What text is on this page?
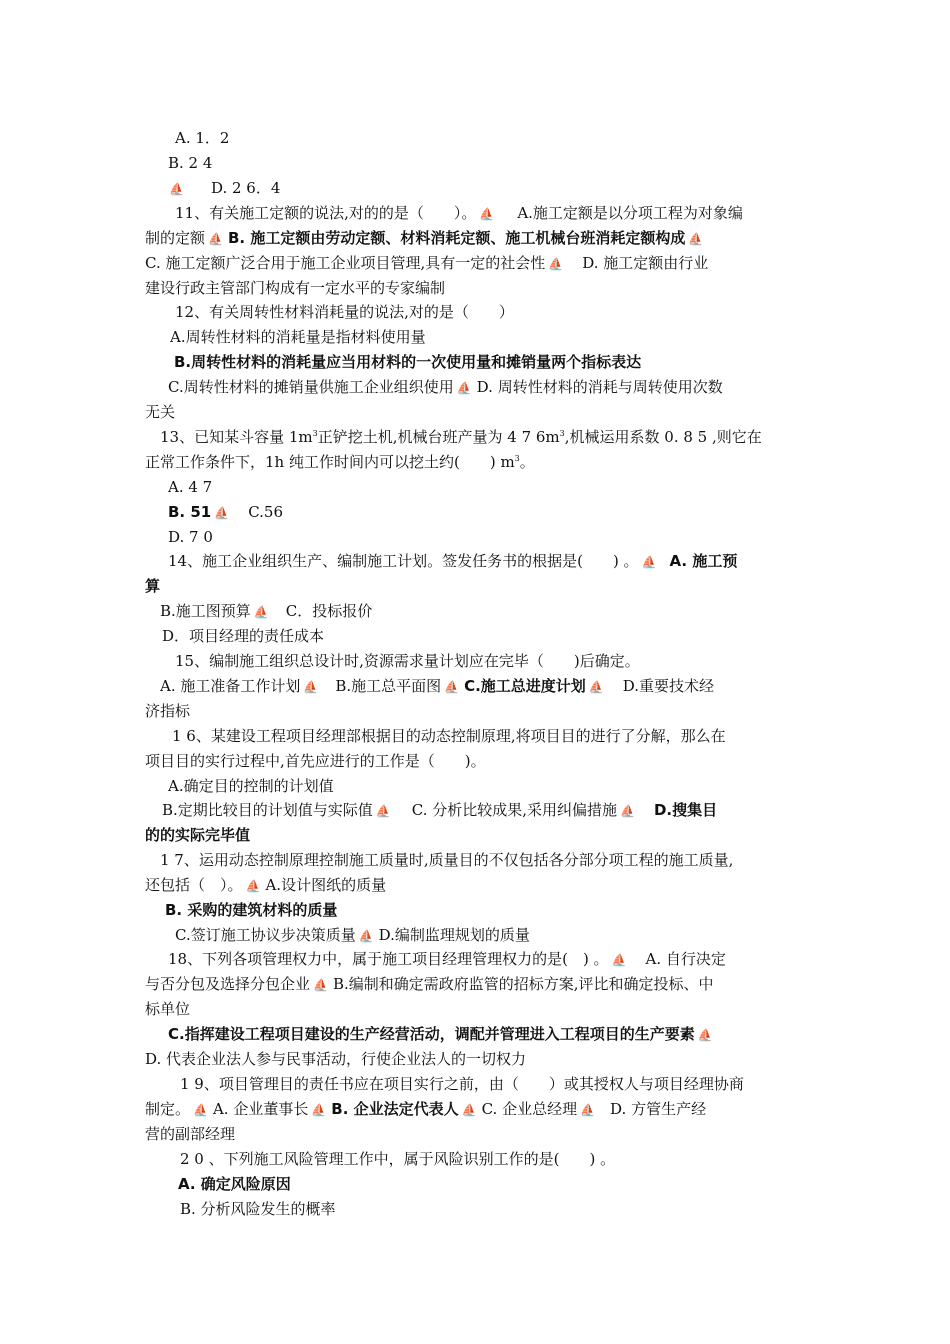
A. 1．2
B. 2 4
⛵ D. 2 6．4
11、有关施工定额的说法,对的的是（　　）。 ⛵ A.施工定额是以分项工程为对象编
制的定额 ⛵ B. 施工定额由劳动定额、材料消耗定额、施工机械台班消耗定额构成 ⛵
C. 施工定额广泛合用于施工企业项目管理,具有一定的社会性 ⛵ D. 施工定额由行业
建设行政主管部门构成有一定水平的专家编制
12、有关周转性材料消耗量的说法,对的是（　　）
A.周转性材料的消耗量是指材料使用量
B.周转性材料的消耗量应当用材料的一次使用量和摊销量两个指标表达
C.周转性材料的摊销量供施工企业组织使用 ⛵ D. 周转性材料的消耗与周转使用次数
无关
13、已知某斗容量 $1m^3$正铲挖土机,机械台班产量为 4 7 $6m^3$,机械运用系数 0. 8 5 ,则它在
正常工作条件下，1h 纯工作时间内可以挖土约(　　) $m^3$。
A. 4 7
B. 51 ⛵ C.56
D. 7 0
14、施工企业组织生产、编制施工计划。签发任务书的根据是(　　) 。 ⛵ A. 施工预
算
B.施工图预算 ⛵ C．投标报价
D．项目经理的责任成本
15、编制施工组织总设计时,资源需求量计划应在完毕（　　)后确定。
A. 施工准备工作计划 ⛵ B.施工总平面图 ⛵ C.施工总进度计划 ⛵ D.重要技术经
济指标
1 6、某建设工程项目经理部根据目的动态控制原理,将项目目的进行了分解，那么在
项目目的实行过程中,首先应进行的工作是（　　)。
A.确定目的控制的计划值
B.定期比较目的计划值与实际值 ⛵ C. 分析比较成果,采用纠偏措施 ⛵ D.搜集目
的的实际完毕值
1 7、运用动态控制原理控制施工质量时,质量目的不仅包括各分部分项工程的施工质量,
还包括（　）。 ⛵ A.设计图纸的质量
B. 采购的建筑材料的质量
C.签订施工协议步决策质量 ⛵ D.编制监理规划的质量
18、下列各项管理权力中，属于施工项目经理管理权力的是(　) 。 ⛵ A. 自行决定
与否分包及选择分包企业 ⛵ B.编制和确定需政府监管的招标方案,评比和确定投标、中
标单位
C.指挥建设工程项目建设的生产经营活动，调配并管理进入工程项目的生产要素 ⛵
D. 代表企业法人参与民事活动，行使企业法人的一切权力
1 9、项目管理目的责任书应在项目实行之前，由（　　）或其授权人与项目经理协商
制定。 ⛵ A. 企业董事长 ⛵ B. 企业法定代表人 ⛵ C. 企业总经理 ⛵ D. 方管生产经
营的副部经理
2 0 、下列施工风险管理工作中，属于风险识别工作的是(　　) 。
A. 确定风险原因
B. 分析风险发生的概率
